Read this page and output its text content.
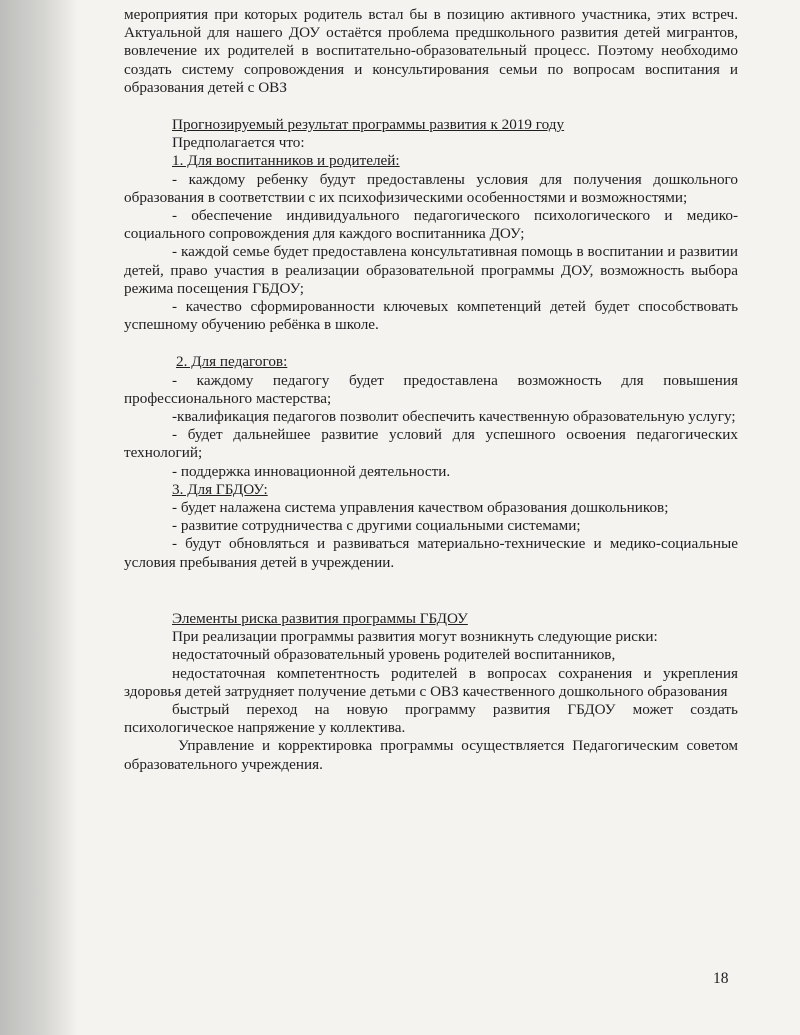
мероприятия при которых родитель встал бы в позицию активного участника, этих встреч. Актуальной для нашего ДОУ остаётся проблема предшкольного развития детей мигрантов, вовлечение их родителей в воспитательно-образовательный процесс. Поэтому необходимо создать систему сопровождения и консультирования семьи по вопросам воспитания и образования детей с ОВЗ

Прогнозируемый результат программы развития к 2019 году

Предполагается что:

1. Для воспитанников и родителей:

- каждому ребенку будут предоставлены условия для получения дошкольного образования в соответствии с их психофизическими особенностями и возможностями;

- обеспечение индивидуального педагогического психологического и медико-социального сопровождения для каждого воспитанника ДОУ;

- каждой семье будет предоставлена консультативная помощь в воспитании и развитии детей, право участия в реализации образовательной программы ДОУ, возможность выбора режима посещения ГБДОУ;

- качество сформированности ключевых компетенций детей будет способствовать успешному обучению ребёнка в школе.

2. Для педагогов:

- каждому педагогу будет предоставлена возможность для повышения профессионального мастерства;

-квалификация педагогов позволит обеспечить качественную образовательную услугу;

- будет дальнейшее развитие условий для успешного освоения педагогических технологий;

- поддержка инновационной деятельности.

3. Для ГБДОУ:

- будет налажена система управления качеством образования дошкольников;

- развитие сотрудничества с другими социальными системами;

- будут обновляться и развиваться материально-технические и медико-социальные условия пребывания детей в учреждении.

Элементы риска развития программы ГБДОУ

При реализации программы развития могут возникнуть следующие риски:

недостаточный образовательный уровень родителей воспитанников,

недостаточная компетентность родителей в вопросах сохранения и укрепления здоровья детей затрудняет получение детьми с ОВЗ качественного дошкольного образования

быстрый переход на новую программу развития ГБДОУ может создать психологическое напряжение у коллектива.

Управление и корректировка программы осуществляется Педагогическим советом образовательного учреждения.

18
